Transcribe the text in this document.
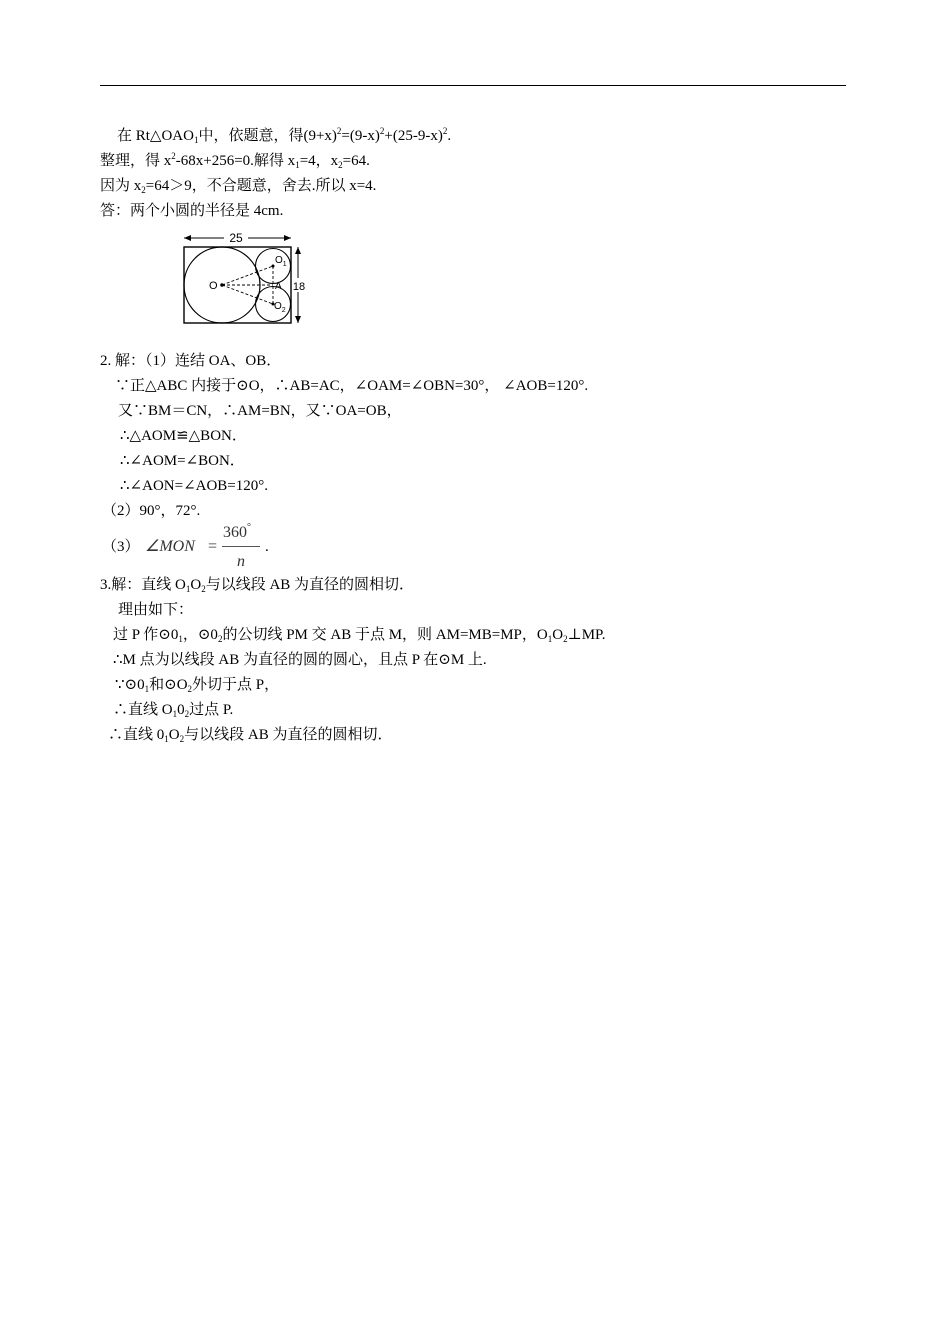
在 $Rt\triangle OAO_1$中，依题意，得$(9+x)^2=(9-x)^2+(25-9-x)^2$.
整理，得 $x^2-68x+256=0$.解得 $x_1=4$，$x_2=64$.
因为 $x_2=64>9$，不合题意，舍去.所以 x=4.
答：两个小圆的半径是 4cm.
25
18
O	A
$O_1$
$O_2$
2. 解：（1）连结 OA、OB．
∵正△ABC 内接于⊙O，∴AB=AC，∠OAM=∠OBN=30°， ∠AOB=120°.
又∵BM＝CN，∴AM=BN，又∵OA=OB，
∴△AOM≌△BON．
∴∠AOM=∠BON．
∴∠AON=∠AOB=120°.
（2）90°，72°.
（3） ∠MON =
360°
n
.
3.解：直线 $O_1O_2$与以线段 AB 为直径的圆相切．
理由如下：
过 P 作$⊙0_1$，$⊙0_2$的公切线 PM 交 AB 于点 M，则 AM=MB=MP，$O_1O_2\perp MP$.
∴M 点为以线段 AB 为直径的圆的圆心，且点 P 在⊙M 上.
$\because⊙0_1$和$⊙O_2$外切于点 P，
∴直线 $O_10_2$过点 P.
∴直线 $0_1O_2$与以线段 AB 为直径的圆相切．
